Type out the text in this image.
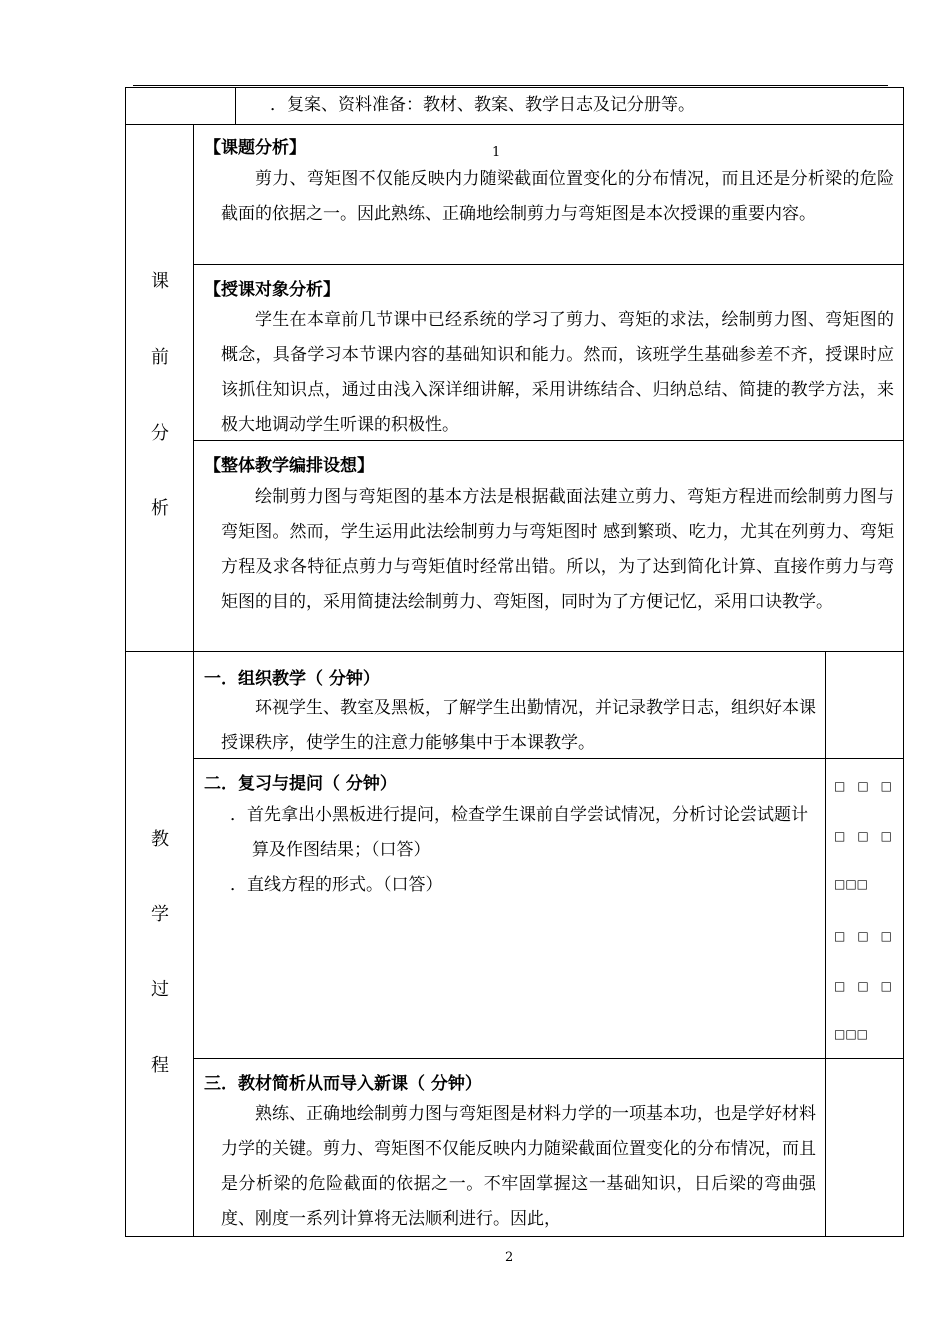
．复案、资料准备：教材、教案、教学日志及记分册等。
课
前
分
析
【课题分析】	1
剪力、弯矩图不仅能反映内力随梁截面位置变化的分布情况，而且还是分析梁的危险截面的依据之一。因此熟练、正确地绘制剪力与弯矩图是本次授课的重要内容。
【授课对象分析】
学生在本章前几节课中已经系统的学习了剪力、弯矩的求法，绘制剪力图、弯矩图的概念，具备学习本节课内容的基础知识和能力。然而，该班学生基础参差不齐，授课时应该抓住知识点，通过由浅入深详细讲解，采用讲练结合、归纳总结、简捷的教学方法，来极大地调动学生听课的积极性。
【整体教学编排设想】
绘制剪力图与弯矩图的基本方法是根据截面法建立剪力、弯矩方程进而绘制剪力图与弯矩图。然而，学生运用此法绘制剪力与弯矩图时 感到繁琐、吃力，尤其在列剪力、弯矩方程及求各特征点剪力与弯矩值时经常出错。所以，为了达到简化计算、直接作剪力与弯矩图的目的，采用简捷法绘制剪力、弯矩图，同时为了方便记忆，采用口诀教学。
教
学
过
程
一．组织教学（ 分钟）
环视学生、教室及黑板，了解学生出勤情况，并记录教学日志，组织好本课授课秩序，使学生的注意力能够集中于本课教学。
二．复习与提问（ 分钟）
．首先拿出小黑板进行提问，检查学生课前自学尝试情况，分析讨论尝试题计算及作图结果；（口答）
．直线方程的形式。（口答）
□　□　□
□　□　□
□□□
□　□　□
□　□　□
□□□
三．教材简析从而导入新课（ 分钟）
熟练、正确地绘制剪力图与弯矩图是材料力学的一项基本功，也是学好材料力学的关键。剪力、弯矩图不仅能反映内力随梁截面位置变化的分布情况，而且是分析梁的危险截面的依据之一。不牢固掌握这一基础知识，日后梁的弯曲强度、刚度一系列计算将无法顺利进行。因此，
2
